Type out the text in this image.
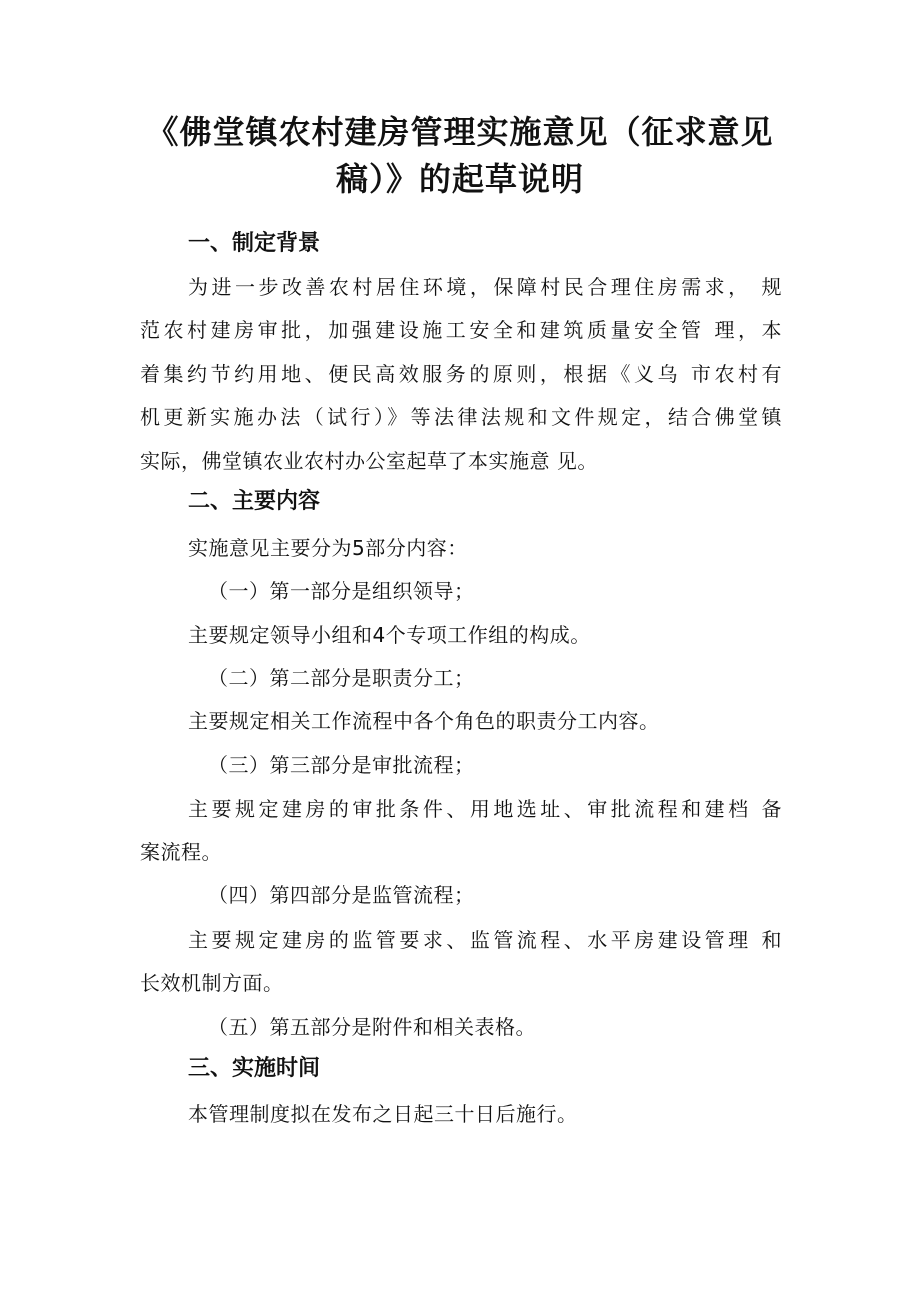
《佛堂镇农村建房管理实施意见（征求意见
稿）》的起草说明
一、制定背景
为进一步改善农村居住环境，保障村民合理住房需求， 规
范农村建房审批，加强建设施工安全和建筑质量安全管 理，本
着集约节约用地、便民高效服务的原则，根据《义乌 市农村有
机更新实施办法（试行）》等法律法规和文件规定，结合佛堂镇
实际，佛堂镇农业农村办公室起草了本实施意 见。
二、主要内容
实施意见主要分为5部分内容：
（一）第一部分是组织领导；
主要规定领导小组和4个专项工作组的构成。
（二）第二部分是职责分工；
主要规定相关工作流程中各个角色的职责分工内容。
（三）第三部分是审批流程；
主要规定建房的审批条件、用地选址、审批流程和建档 备
案流程。
（四）第四部分是监管流程；
主要规定建房的监管要求、监管流程、水平房建设管理 和
长效机制方面。
（五）第五部分是附件和相关表格。
三、实施时间
本管理制度拟在发布之日起三十日后施行。
